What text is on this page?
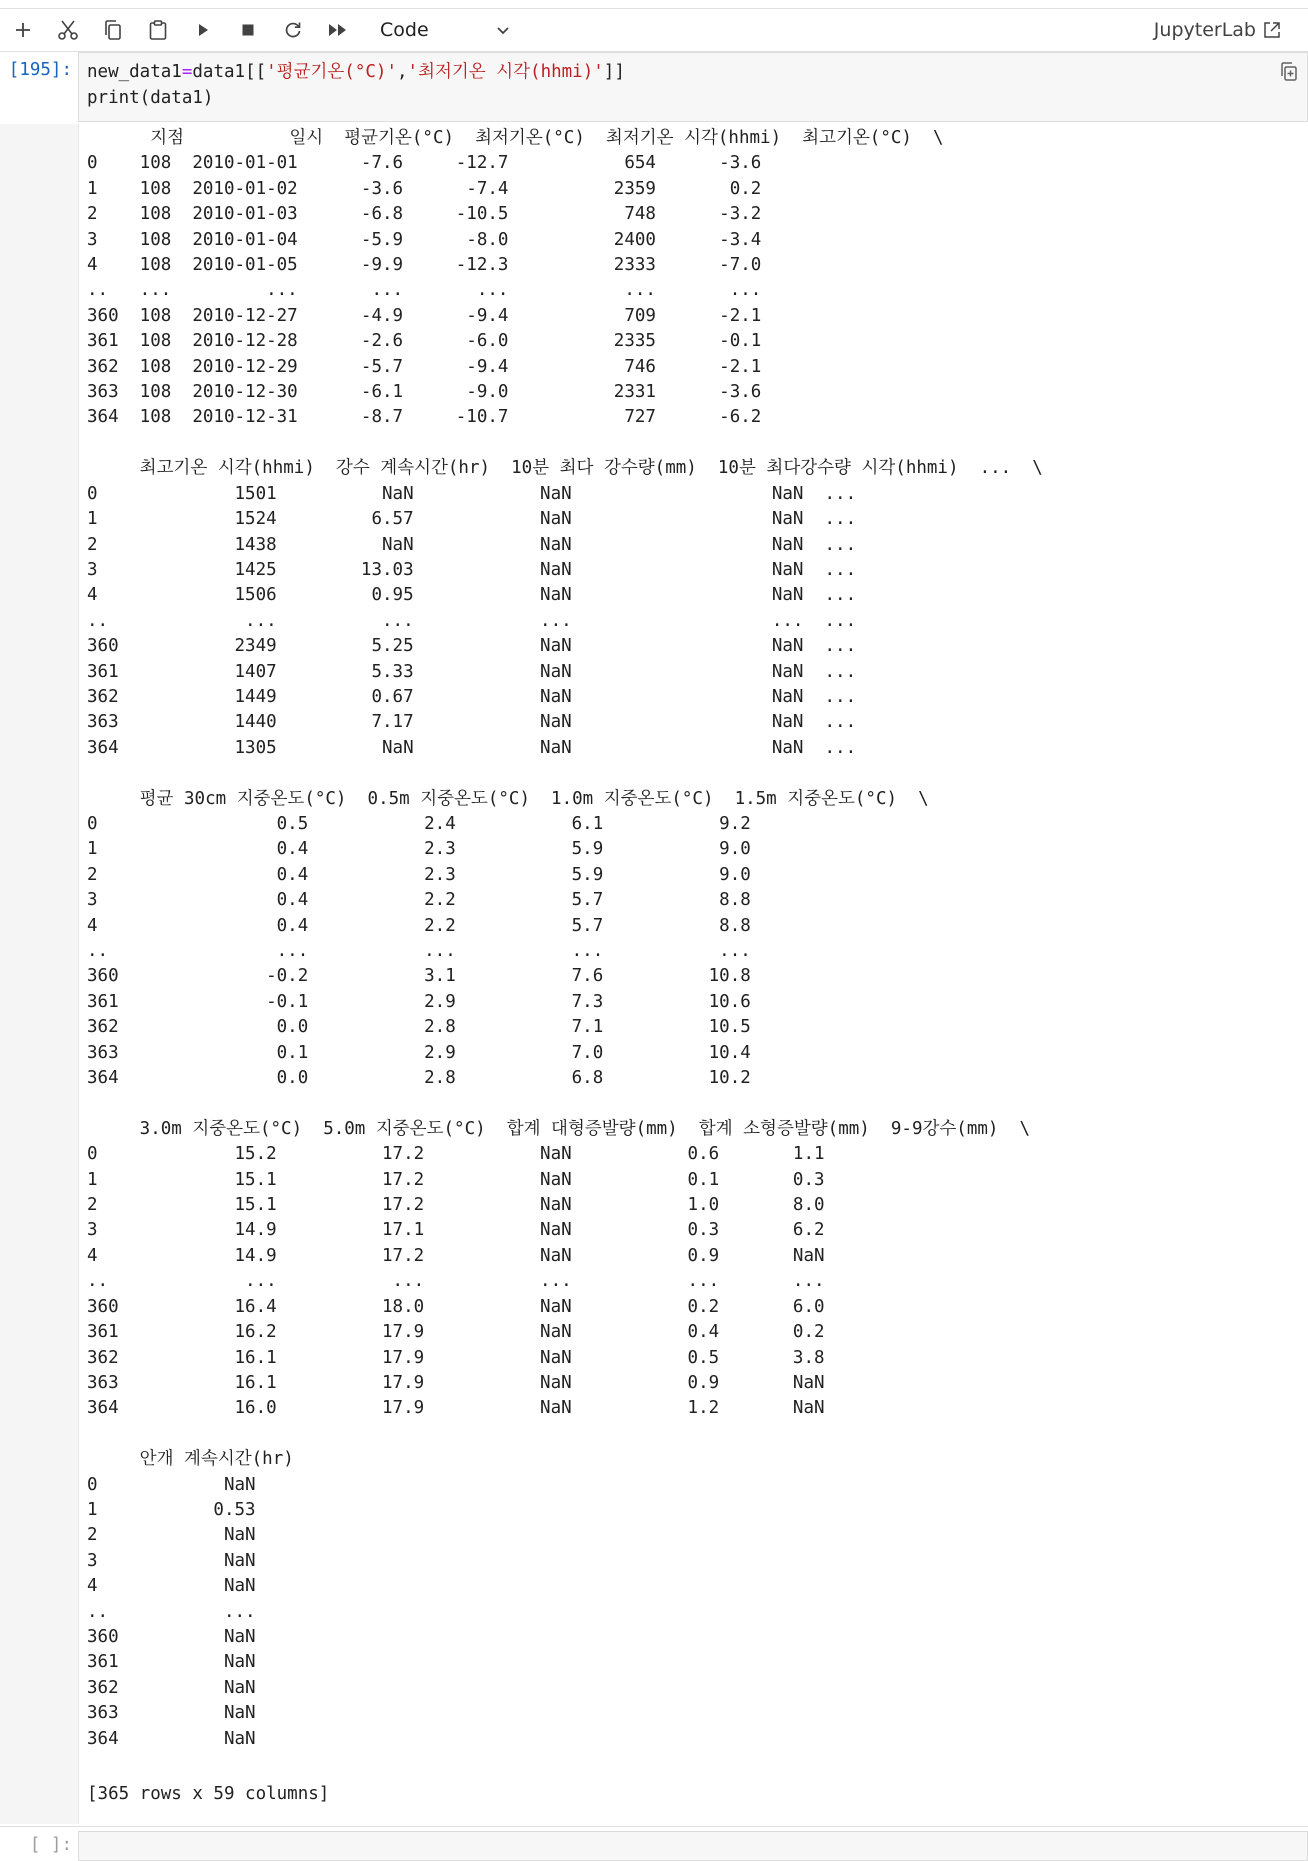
Code	JupyterLab
[195]: new_data1=data1[['평균기온(°C)','최저기온 시각(hhmi)']]
print(data1)
지점          일시  평균기온(°C)  최저기온(°C)  최저기온 시각(hhmi)  최고기온(°C)  \
0    108  2010-01-01      -7.6     -12.7           654      -3.6
1    108  2010-01-02      -3.6      -7.4          2359       0.2
2    108  2010-01-03      -6.8     -10.5           748      -3.2
3    108  2010-01-04      -5.9      -8.0          2400      -3.4
4    108  2010-01-05      -9.9     -12.3          2333      -7.0
..   ...         ...       ...       ...           ...       ...
360  108  2010-12-27      -4.9      -9.4           709      -2.1
361  108  2010-12-28      -2.6      -6.0          2335      -0.1
362  108  2010-12-29      -5.7      -9.4           746      -2.1
363  108  2010-12-30      -6.1      -9.0          2331      -3.6
364  108  2010-12-31      -8.7     -10.7           727      -6.2

최고기온 시각(hhmi)  강수 계속시간(hr)  10분 최다 강수량(mm)  10분 최다강수량 시각(hhmi)  ...  \
0             1501          NaN            NaN                   NaN  ...
1             1524         6.57            NaN                   NaN  ...
2             1438          NaN            NaN                   NaN  ...
3             1425        13.03            NaN                   NaN  ...
4             1506         0.95            NaN                   NaN  ...
..             ...          ...            ...                   ...  ...
360           2349         5.25            NaN                   NaN  ...
361           1407         5.33            NaN                   NaN  ...
362           1449         0.67            NaN                   NaN  ...
363           1440         7.17            NaN                   NaN  ...
364           1305          NaN            NaN                   NaN  ...

평균 30cm 지중온도(°C)  0.5m 지중온도(°C)  1.0m 지중온도(°C)  1.5m 지중온도(°C)  \
0                 0.5           2.4           6.1           9.2
1                 0.4           2.3           5.9           9.0
2                 0.4           2.3           5.9           9.0
3                 0.4           2.2           5.7           8.8
4                 0.4           2.2           5.7           8.8
..                ...           ...           ...           ...
360              -0.2           3.1           7.6          10.8
361              -0.1           2.9           7.3          10.6
362               0.0           2.8           7.1          10.5
363               0.1           2.9           7.0          10.4
364               0.0           2.8           6.8          10.2

3.0m 지중온도(°C)  5.0m 지중온도(°C)  합계 대형증발량(mm)  합계 소형증발량(mm)  9-9강수(mm)  \
0             15.2          17.2           NaN           0.6       1.1
1             15.1          17.2           NaN           0.1       0.3
2             15.1          17.2           NaN           1.0       8.0
3             14.9          17.1           NaN           0.3       6.2
4             14.9          17.2           NaN           0.9       NaN
..             ...           ...           ...           ...       ...
360           16.4          18.0           NaN           0.2       6.0
361           16.2          17.9           NaN           0.4       0.2
362           16.1          17.9           NaN           0.5       3.8
363           16.1          17.9           NaN           0.9       NaN
364           16.0          17.9           NaN           1.2       NaN

안개 계속시간(hr)
0            NaN
1           0.53
2            NaN
3            NaN
4            NaN
..           ...
360          NaN
361          NaN
362          NaN
363          NaN
364          NaN
[365 rows x 59 columns]
[ ]:
